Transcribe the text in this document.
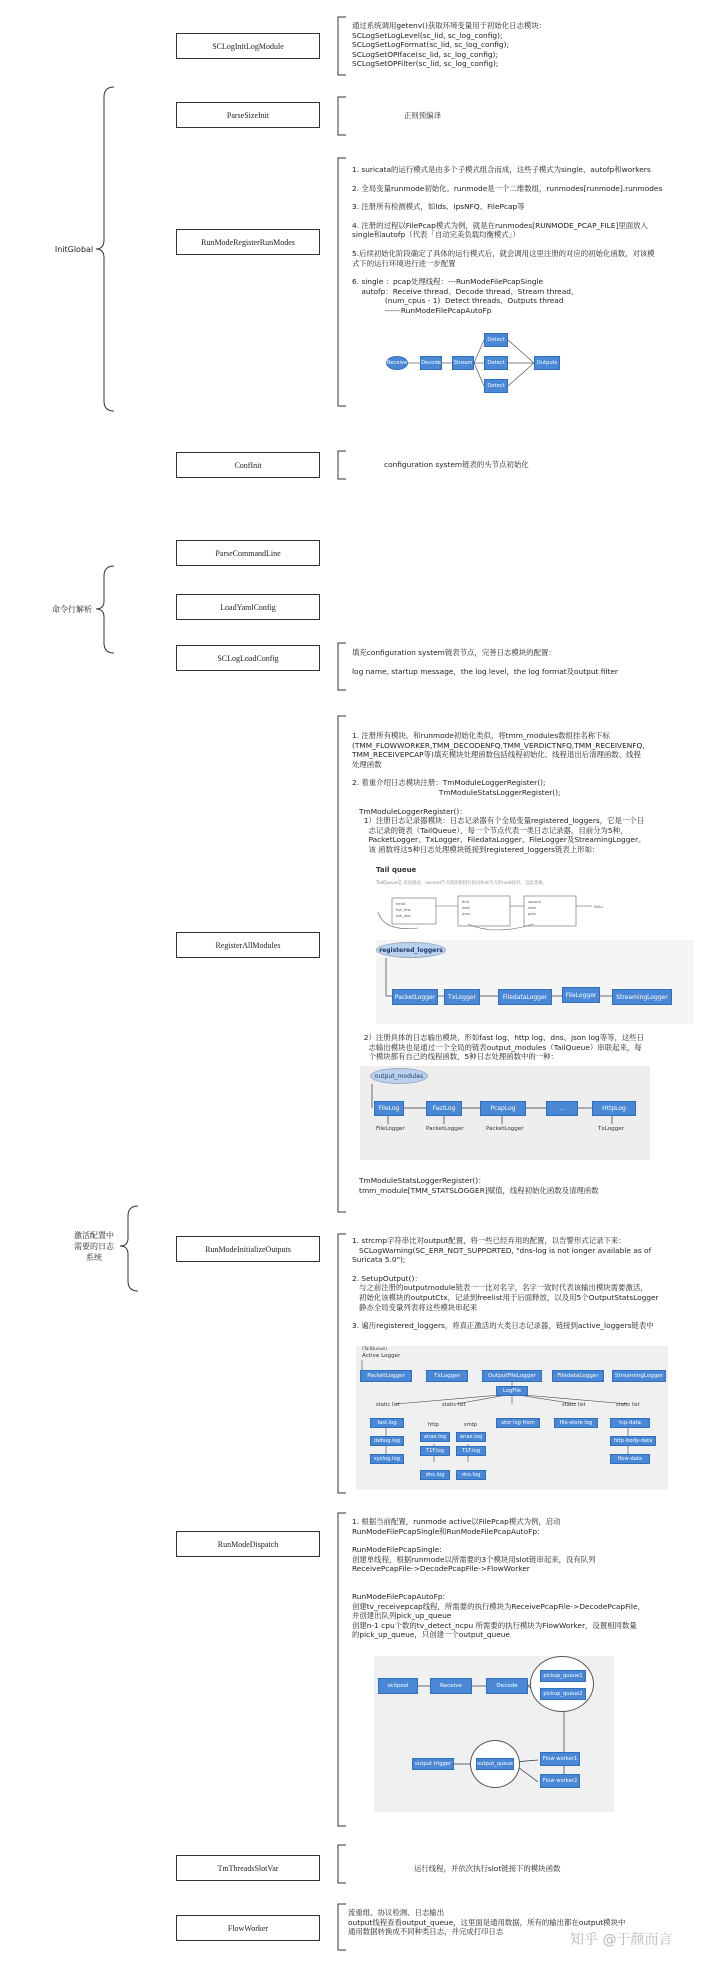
InitGlobal
命令行解析
激活配置中
需要的日志
系统
SCLogInitLogModule
ParseSizeInit
RunModeRegisterRunModes
ConfInit
ParseCommandLine
LoadYamlConfig
SCLogLoadConfig
RegisterAllModules
RunModeInitializeOutputs
RunModeDispatch
TmThreadsSlotVar
FlowWorker

通过系统调用getenv()获取环境变量用于初始化日志模块：

SCLogSetLogLevel(sc_lid, sc_log_config);

SCLogSetLogFormat(sc_lid, sc_log_config);

SCLogSetOPIface(sc_lid, sc_log_config);

SCLogSetOPFilter(sc_lid, sc_log_config);

正则预编译

1. suricata的运行模式是由多个子模式组合而成，这些子模式为single、autofp和workers

2. 全局变量runmode初始化。runmode是一个二维数组，runmodes[runmode].runmodes

3. 注册所有检测模式，如Ids、IpsNFQ、FilePcap等

4. 注册的过程以FilePcap模式为例，就是在runmodes[RUNMODE_PCAP_FILE]里面放入

single和autofp（代表「自动完美负载均衡模式」）

5.后续初始化阶段确定了具体的运行模式后，就会调用这里注册的对应的初始化函数，对该模

式下的运行环境进行进一步配置

6. single ：pcap处理线程：---RunModeFilePcapSingle

autofp：Receive thread、Decode thread、Stream thread、

(num_cpus - 1)  Detect threads、Outputs thread

------RunModeFilePcapAutoFp

Receive	Decode	Stream
Detect
Detect
Detect
Outputs
configuration system链表的头节点初始化

填充configuration system链表节点，完善日志模块的配置：

log name, startup message，the log level，the log format及output filter

1. 注册所有模块。和runmode初始化类似，将tmm_modules数组挂名称下标

(TMM_FLOWWORKER,TMM_DECODENFQ,TMM_VERDICTNFQ,TMM_RECEIVENFQ,

TMM_RECEIVEPCAP等)填充模块处理函数包括线程初始化、线程退出后清理函数、线程

处理函数

2. 着重介绍日志模块注册：TmModuleLoggerRegister();

TmModuleStatsLoggerRegister();

TmModuleLoggerRegister()：

1）注册日志记录器模块：日志记录器有个全局变量registered_loggers，它是一个日

志记录的链表（TailQueue），每一个节点代表一类日志记录器，目前分为5种，

PacketLogger、TxLogger、FiledataLogger、FileLogger及StreamingLogger。

该 函数将这5种日志处理模块链接到registered_loggers链表上形如：

Tail queue
TailQueue是 双向链表，second节点的前驱指针指向first节点的next指针，以此类推。
head
tqh_first
tqh_last
first
next
prev
second
next
prev
NULL
registered_loggers
PacketLogger	TxLogger	FiledataLogger	FileLogger	StreamingLogger

2）注册具体的日志输出模块，形如fast log、http log、dns、json log等等，这些日

志输出模块也是通过一个全局的链表output_modules（TailQueue）串联起来，每

个模块都有自己的线程函数，5种日志处理函数中的一种：

output_modules
FileLog	FastLog	PcapLog	…	HttpLog
FileLogger	PacketLogger	PacketLogger	TxLogger

TmModuleStatsLoggerRegister()：

tmm_module[TMM_STATSLOGGER]赋值，线程初始化函数及清理函数

1. strcmp字符串比对output配置，将一些已经弃用的配置，以告警形式记录下来：

SCLogWarning(SC_ERR_NOT_SUPPORTED, "dns-log is not longer available as of

Suricata 5.0");

2. SetupOutput()：

与之前注册的outputmodule链表一一比对名字，名字一致时代表该输出模块需要激活，

初始化该模块的outputCtx，记录到freelist用于后面释放，以及用5个OutputStatsLogger

静态全局变量列表将这些模块串起来

3. 遍历registered_loggers，将真正激活的大类日志记录器，链接到active_loggers链表中

(TailQueue)
Active Logger
PacketLogger	TxLogger	OutputFileLogger	FiledataLogger	StreamingLogger
LogFile
static list	static list	static list	static list
fast.log
debug.log
syslog.log
http	smtp
anax.log
T1F.log
dns.log
anax.log
T1F.log
dns.log
stor log from	file-store log	tcp-data
http-body-data
flow-data

1. 根据当前配置，runmode active以FilePcap模式为例，启动

RunModeFilePcapSingle和RunModeFilePcapAutoFp:

RunModeFilePcapSingle:

创建单线程，根据runmode以所需要的3个模块用slot链串起来，没有队列

ReceivePcapFile->DecodePcapFile->FlowWorker

RunModeFilePcapAutoFp:

创建tv_receivepcap线程，所需要的执行模块为ReceivePcapFile->DecodePcapFile，

并创建出队列pick_up_queue

创建n-1 cpu个数的tv_detect_ncpu 所需要的执行模块为FlowWorker，设置相同数量

的pick_up_queue，只创建一个output_queue

skilpool	Receive	Decode
pickup_queue1
pickup_queue2
Flow worker1
Flow worker2
output_queue
output trigger
运行线程，并依次执行slot链接下的模块函数

流重组、协议检测、日志输出

output线程查看output_queue，这里面是通用数据，所有的输出都在output模块中

通用数据转换成不同种类日志，并完成打印日志

知乎 @于颜而言
